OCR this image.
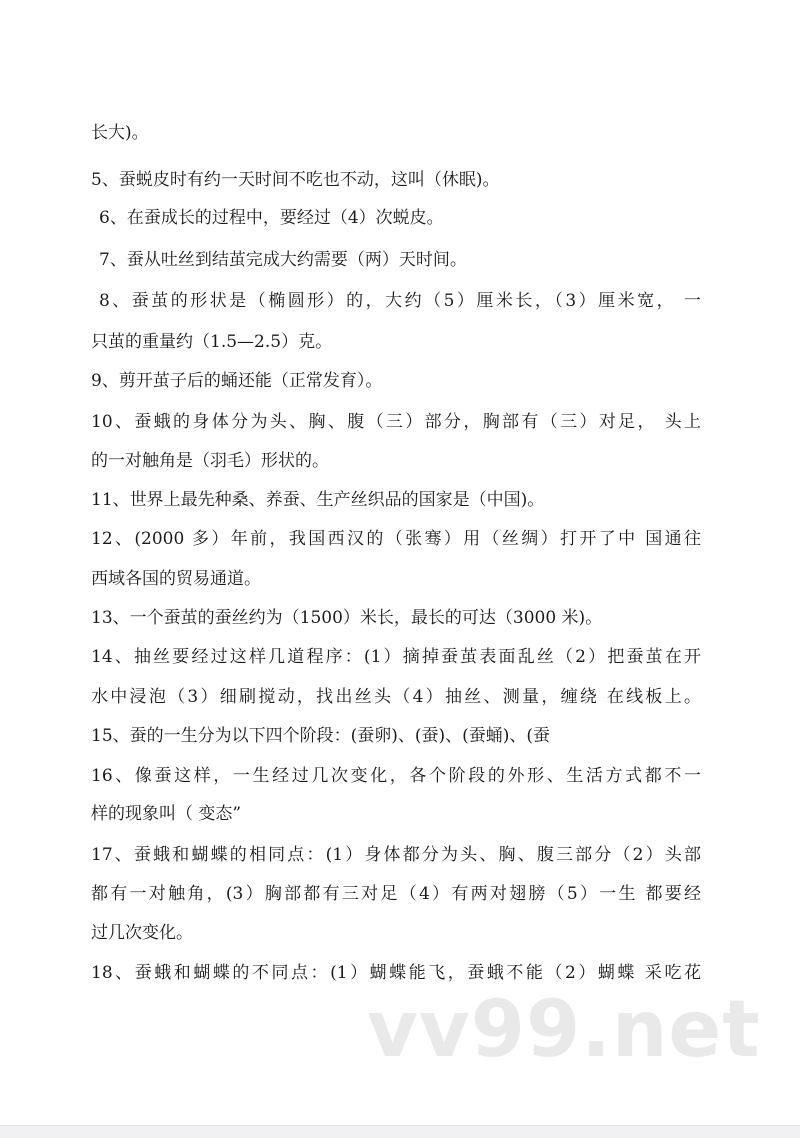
长大)。
5、蚕蜕皮时有约一天时间不吃也不动，这叫（休眠)。
6、在蚕成长的过程中，要经过（4）次蜕皮。
7、蚕从吐丝到结茧完成大约需要（两）天时间。
8、蚕茧的形状是（椭圆形）的，大约（5）厘米长，（3）厘米宽， 一
只茧的重量约（1.5—2.5）克。
9、剪开茧子后的蛹还能（正常发育）。
10、蚕蛾的身体分为头、胸、腹（三）部分，胸部有（三）对足， 头上
的一对触角是（羽毛）形状的。
11、世界上最先种桑、养蚕、生产丝织品的国家是（中国)。
12、(2000 多）年前，我国西汉的（张骞）用（丝绸）打开了中 国通往
西域各国的贸易通道。
13、一个蚕茧的蚕丝约为（1500）米长，最长的可达（3000 米)。
14、抽丝要经过这样几道程序：(1）摘掉蚕茧表面乱丝（2）把蚕茧在开
水中浸泡（3）细刷搅动，找出丝头（4）抽丝、测量，缠绕 在线板上。
15、蚕的一生分为以下四个阶段：(蚕卵)、(蚕)、(蚕蛹)、(蚕
16、像蚕这样，一生经过几次变化，各个阶段的外形、生活方式都不一
样的现象叫（ 变态”
17、蚕蛾和蝴蝶的相同点：(1）身体都分为头、胸、腹三部分（2）头部
都有一对触角，(3）胸部都有三对足（4）有两对翅膀（5）一生 都要经
过几次变化。
18、蚕蛾和蝴蝶的不同点：(1）蝴蝶能飞，蚕蛾不能（2）蝴蝶 采吃花
vv99.net
